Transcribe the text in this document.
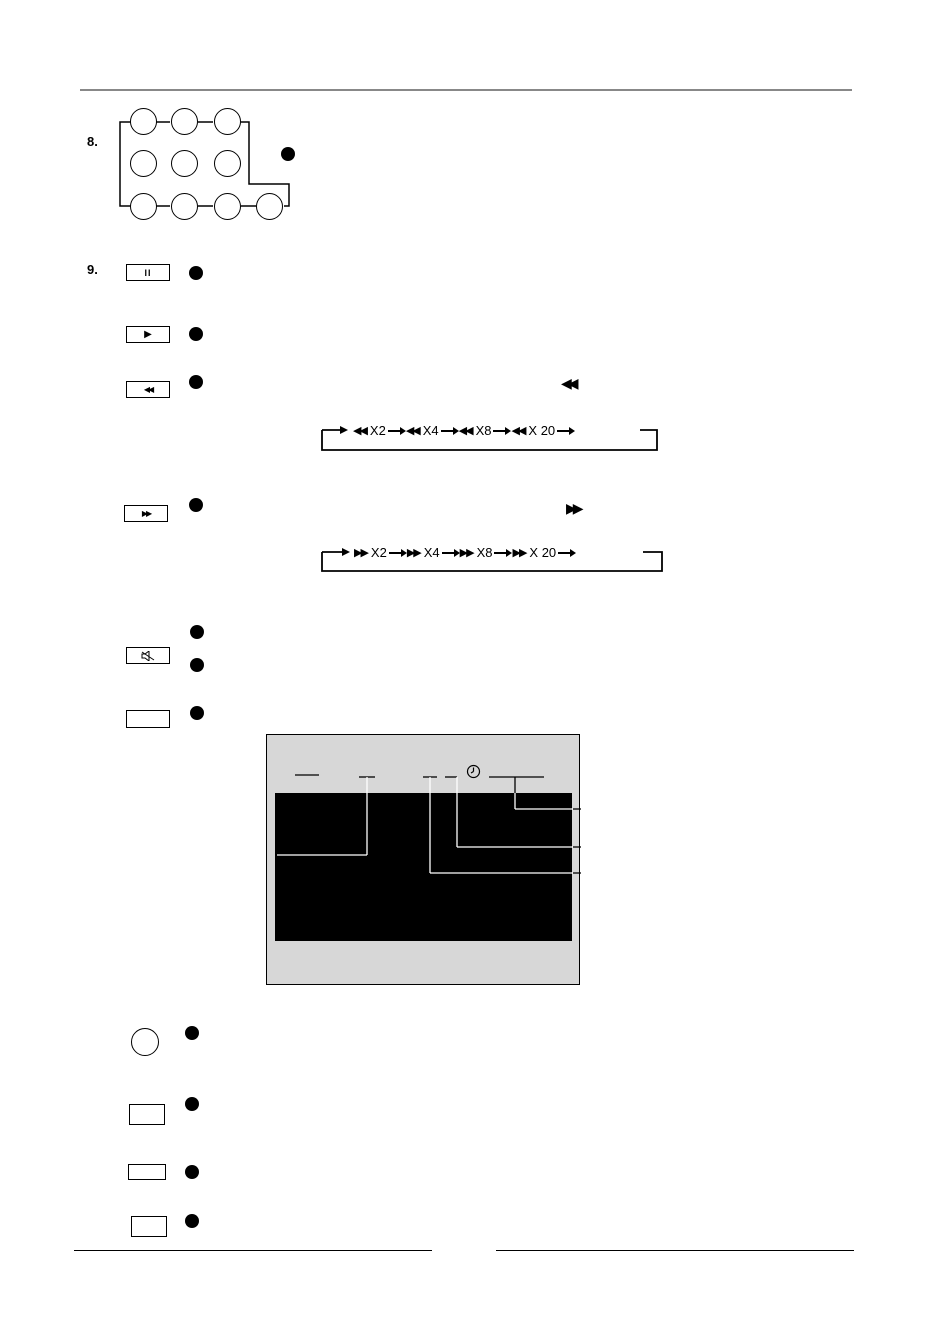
8.
9.	II
▶
◀◀	◀◀
◀◀ X2 ◀◀ X4 ◀◀ X8 ◀◀ X 20
▶▶	▶▶
▶▶ X2 ▶▶ X4 ▶▶ X8 ▶▶ X 20
